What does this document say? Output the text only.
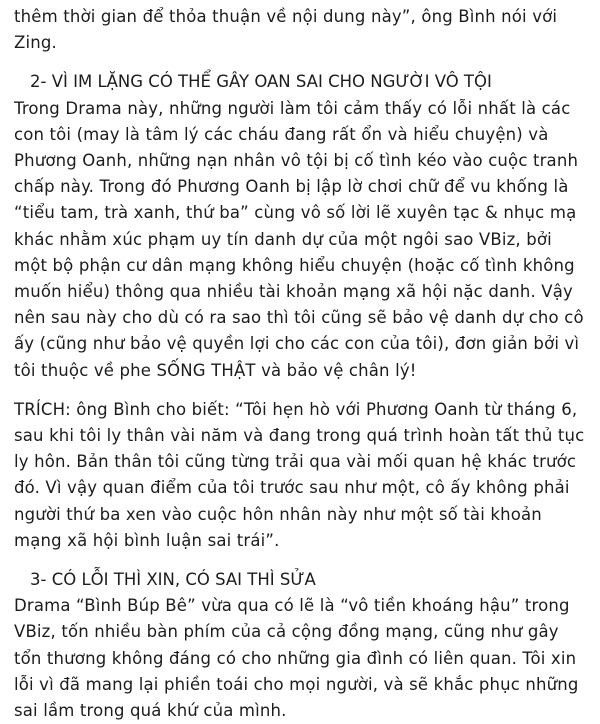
thêm thời gian để thỏa thuận về nội dung này”, ông Bình nói với Zing.

2- VÌ IM LẶNG CÓ THỂ GÂY OAN SAI CHO NGƯỜI VÔ TỘI

Trong Drama này, những người làm tôi cảm thấy có lỗi nhất là các con tôi (may là tâm lý các cháu đang rất ổn và hiểu chuyện) và Phương Oanh, những nạn nhân vô tội bị cố tình kéo vào cuộc tranh chấp này. Trong đó Phương Oanh bị lập lờ chơi chữ để vu khống là “tiểu tam, trà xanh, thứ ba” cùng vô số lời lẽ xuyên tạc & nhục mạ khác nhằm xúc phạm uy tín danh dự của một ngôi sao VBiz, bởi một bộ phận cư dân mạng không hiểu chuyện (hoặc cố tình không muốn hiểu) thông qua nhiều tài khoản mạng xã hội nặc danh. Vậy nên sau này cho dù có ra sao thì tôi cũng sẽ bảo vệ danh dự cho cô ấy (cũng như bảo vệ quyền lợi cho các con của tôi), đơn giản bởi vì tôi thuộc về phe SỐNG THẬT và bảo vệ chân lý!

TRÍCH: ông Bình cho biết: “Tôi hẹn hò với Phương Oanh từ tháng 6, sau khi tôi ly thân vài năm và đang trong quá trình hoàn tất thủ tục ly hôn. Bản thân tôi cũng từng trải qua vài mối quan hệ khác trước đó. Vì vậy quan điểm của tôi trước sau như một, cô ấy không phải người thứ ba xen vào cuộc hôn nhân này như một số tài khoản mạng xã hội bình luận sai trái”.

3- CÓ LỖI THÌ XIN, CÓ SAI THÌ SỬA

Drama “Bình Búp Bê” vừa qua có lẽ là “vô tiền khoáng hậu” trong VBiz, tốn nhiều bàn phím của cả cộng đồng mạng, cũng như gây tổn thương không đáng có cho những gia đình có liên quan. Tôi xin lỗi vì đã mang lại phiền toái cho mọi người, và sẽ khắc phục những sai lầm trong quá khứ của mình.
